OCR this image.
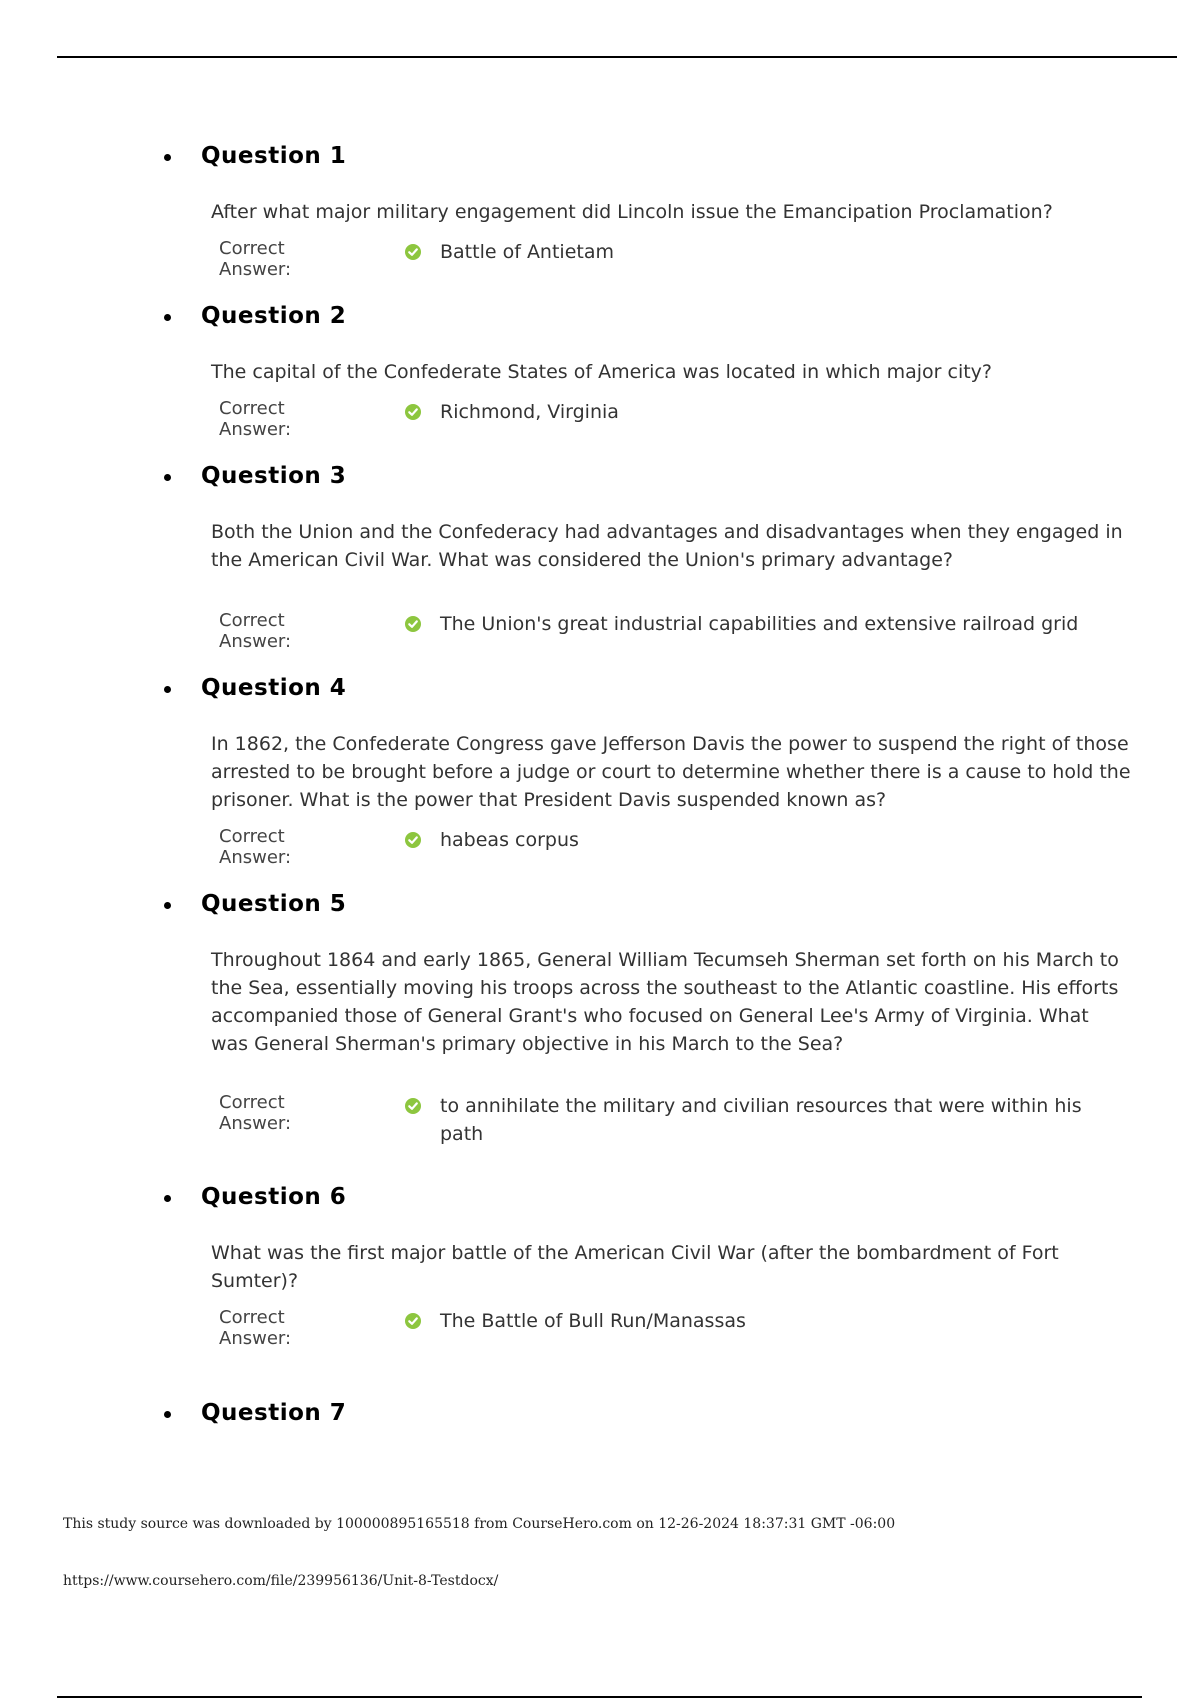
Question 1
After what major military engagement did Lincoln issue the Emancipation Proclamation?
Correct Answer:
Battle of Antietam
Question 2
The capital of the Confederate States of America was located in which major city?
Correct Answer:
Richmond, Virginia
Question 3
Both the Union and the Confederacy had advantages and disadvantages when they engaged in the American Civil War. What was considered the Union's primary advantage?
Correct Answer:
The Union's great industrial capabilities and extensive railroad grid
Question 4
In 1862, the Confederate Congress gave Jefferson Davis the power to suspend the right of those arrested to be brought before a judge or court to determine whether there is a cause to hold the prisoner. What is the power that President Davis suspended known as?
Correct Answer:
habeas corpus
Question 5
Throughout 1864 and early 1865, General William Tecumseh Sherman set forth on his March to the Sea, essentially moving his troops across the southeast to the Atlantic coastline. His efforts accompanied those of General Grant's who focused on General Lee's Army of Virginia. What was General Sherman's primary objective in his March to the Sea?
Correct Answer:
to annihilate the military and civilian resources that were within his path
Question 6
What was the first major battle of the American Civil War (after the bombardment of Fort Sumter)?
Correct Answer:
The Battle of Bull Run/Manassas
Question 7
This study source was downloaded by 100000895165518 from CourseHero.com on 12-26-2024 18:37:31 GMT -06:00
https://www.coursehero.com/file/239956136/Unit-8-Testdocx/
